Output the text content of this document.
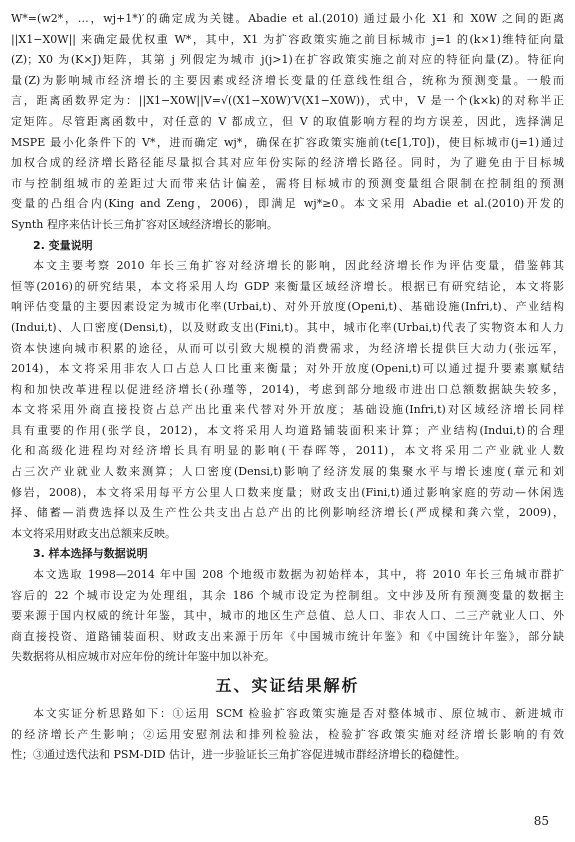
W*=(w2*，…，wj+1*)′的确定成为关键。Abadie et al.(2010) 通过最小化 X1 和 X0W 之间的距离
||X1−X0W|| 来确定最优权重 W*，其中，X1 为扩容政策实施之前目标城市 j=1 的(k×1)维特征向量
(Z)；X0 为(K×J)矩阵，其第 j 列假定为城市 j(j>1)在扩容政策实施之前对应的特征向量(Z)。特征向
量(Z)为影响城市经济增长的主要因素或经济增长变量的任意线性组合，统称为预测变量。一般而
言，距离函数界定为：||X1−X0W||V=√((X1−X0W)′V(X1−X0W))，式中，V 是一个(k×k)的对称半正
定矩阵。尽管距离函数中，对任意的 V 都成立，但 V 的取值影响方程的均方误差，因此，选择满足
MSPE 最小化条件下的 V*，进而确定 wj*，确保在扩容政策实施前(t∈[1,T0])，使目标城市(j=1)通过
加权合成的经济增长路径能尽量拟合其对应年份实际的经济增长路径。同时，为了避免由于目标城
市与控制组城市的差距过大而带来估计偏差，需将目标城市的预测变量组合限制在控制组的预测
变量的凸组合内(King and Zeng，2006)，即满足 wj*≥0。本文采用 Abadie et al.(2010)开发的
Synth 程序来估计长三角扩容对区域经济增长的影响。
2. 变量说明
本文主要考察 2010 年长三角扩容对经济增长的影响，因此经济增长作为评估变量，借鉴韩其
恒等(2016)的研究结果，本文将采用人均 GDP 来衡量区域经济增长。根据已有研究结论，本文将影
响评估变量的主要因素设定为城市化率(Urbai,t)、对外开放度(Openi,t)、基础设施(Infri,t)、产业结构
(Indui,t)、人口密度(Densi,t)，以及财政支出(Fini,t)。其中，城市化率(Urbai,t)代表了实物资本和人力
资本快速向城市积累的途径，从而可以引致大规模的消费需求，为经济增长提供巨大动力(张远军，
2014)，本文将采用非农人口占总人口比重来衡量；对外开放度(Openi,t)可以通过提升要素禀赋结
构和加快改革进程以促进经济增长(孙瑾等，2014)，考虑到部分地级市进出口总额数据缺失较多，
本文将采用外商直接投资占总产出比重来代替对外开放度；基础设施(Infri,t)对区域经济增长同样
具有重要的作用(张学良，2012)，本文将采用人均道路铺装面积来计算；产业结构(Indui,t)的合理
化和高级化进程均对经济增长具有明显的影响(干春晖等，2011)，本文将采用二产业就业人数
占三次产业就业人数来测算；人口密度(Densi,t)影响了经济发展的集聚水平与增长速度(章元和刘
修岩，2008)，本文将采用每平方公里人口数来度量；财政支出(Fini,t)通过影响家庭的劳动—休闲选
择、储蓄—消费选择以及生产性公共支出占总产出的比例影响经济增长(严成樑和龚六堂，2009)，
本文将采用财政支出总额来反映。
3. 样本选择与数据说明
本文选取 1998—2014 年中国 208 个地级市数据为初始样本，其中，将 2010 年长三角城市群扩
容后的 22 个城市设定为处理组，其余 186 个城市设定为控制组。文中涉及所有预测变量的数据主
要来源于国内权威的统计年鉴，其中，城市的地区生产总值、总人口、非农人口、二三产就业人口、外
商直接投资、道路铺装面积、财政支出来源于历年《中国城市统计年鉴》和《中国统计年鉴》，部分缺
失数据将从相应城市对应年份的统计年鉴中加以补充。
五、实证结果解析
本文实证分析思路如下：①运用 SCM 检验扩容政策实施是否对整体城市、原位城市、新进城市
的经济增长产生影响；②运用安慰剂法和排列检验法，检验扩容政策实施对经济增长影响的有效
性；③通过迭代法和 PSM-DID 估计，进一步验证长三角扩容促进城市群经济增长的稳健性。
85
